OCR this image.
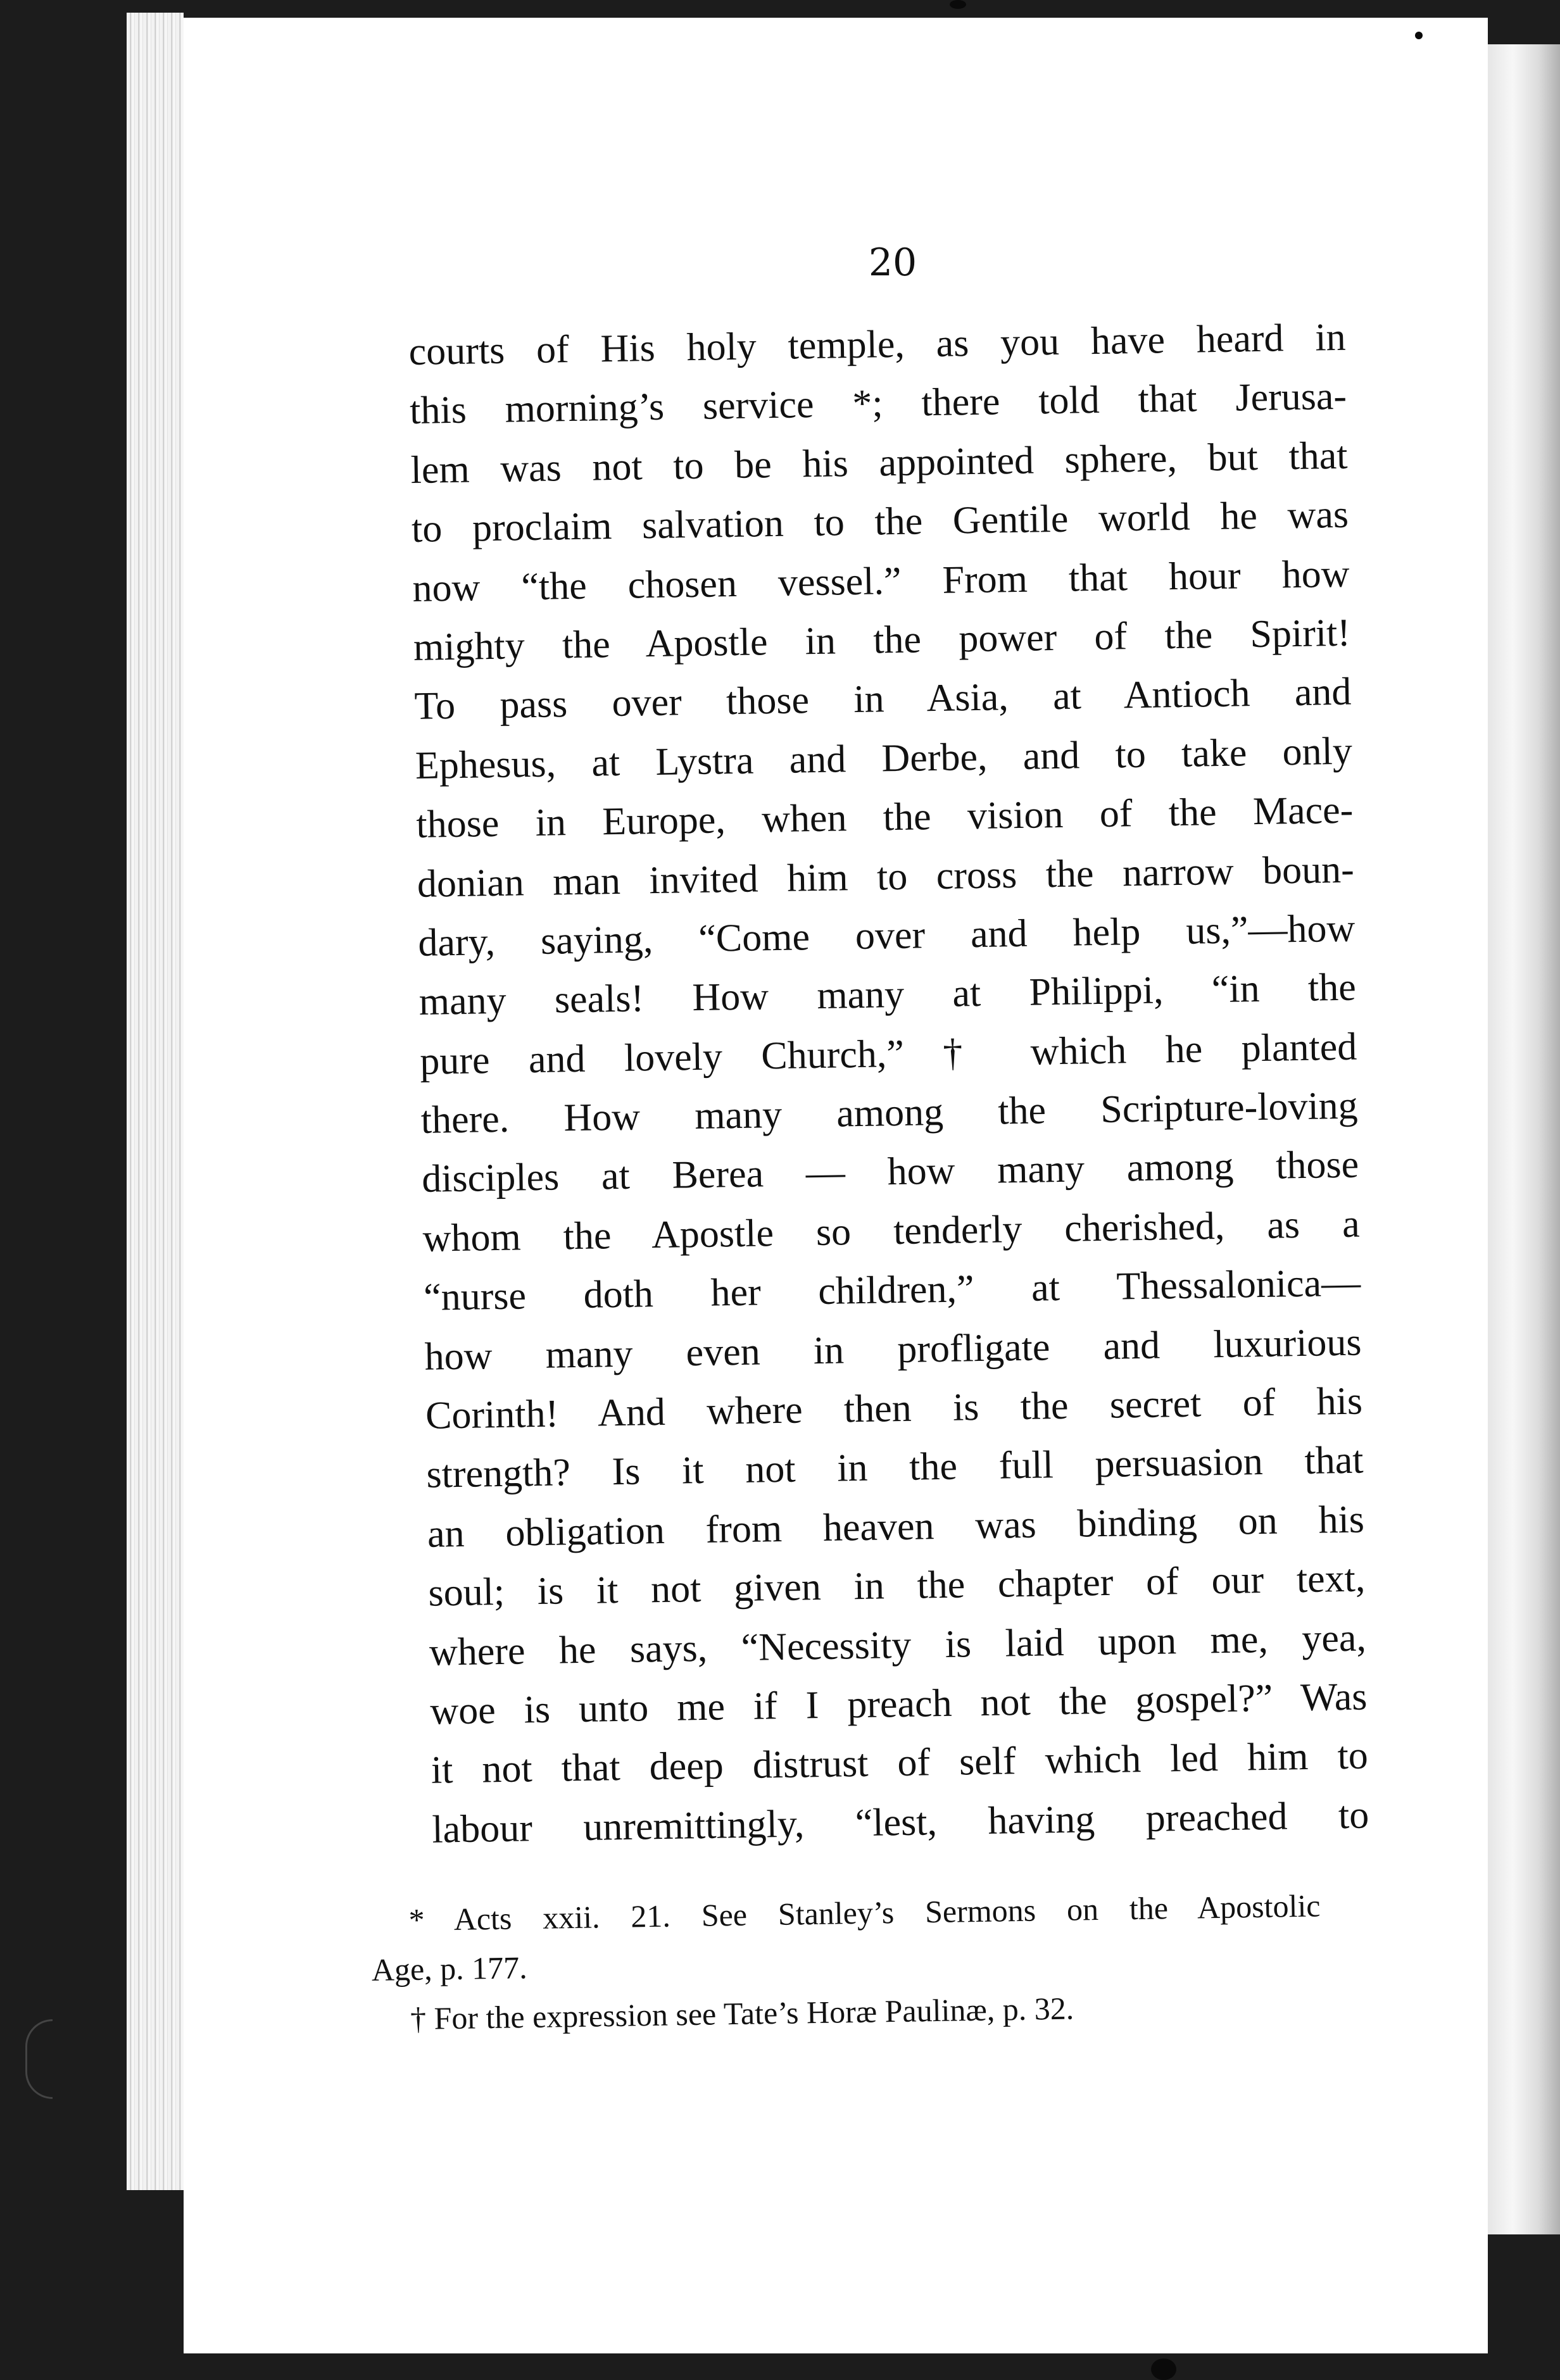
20
courts of His holy temple, as you have heard in
this morning’s service *; there told that Jerusa-
lem was not to be his appointed sphere, but that
to proclaim salvation to the Gentile world he was
now “the chosen vessel.” From that hour how
mighty the Apostle in the power of the Spirit!
To pass over those in Asia, at Antioch and
Ephesus, at Lystra and Derbe, and to take only
those in Europe, when the vision of the Mace-
donian man invited him to cross the narrow boun-
dary, saying, “Come over and help us,”—how
many seals! How many at Philippi, “in the
pure and lovely Church,” † which he planted
there. How many among the Scripture-loving
disciples at Berea — how many among those
whom the Apostle so tenderly cherished, as a
“nurse doth her children,” at Thessalonica—
how many even in profligate and luxurious
Corinth! And where then is the secret of his
strength? Is it not in the full persuasion that
an obligation from heaven was binding on his
soul; is it not given in the chapter of our text,
where he says, “Necessity is laid upon me, yea,
woe is unto me if I preach not the gospel?” Was
it not that deep distrust of self which led him to
labour unremittingly, “lest, having preached to
* Acts xxii. 21. See Stanley’s Sermons on the Apostolic
Age, p. 177.
† For the expression see Tate’s Horæ Paulinæ, p. 32.
